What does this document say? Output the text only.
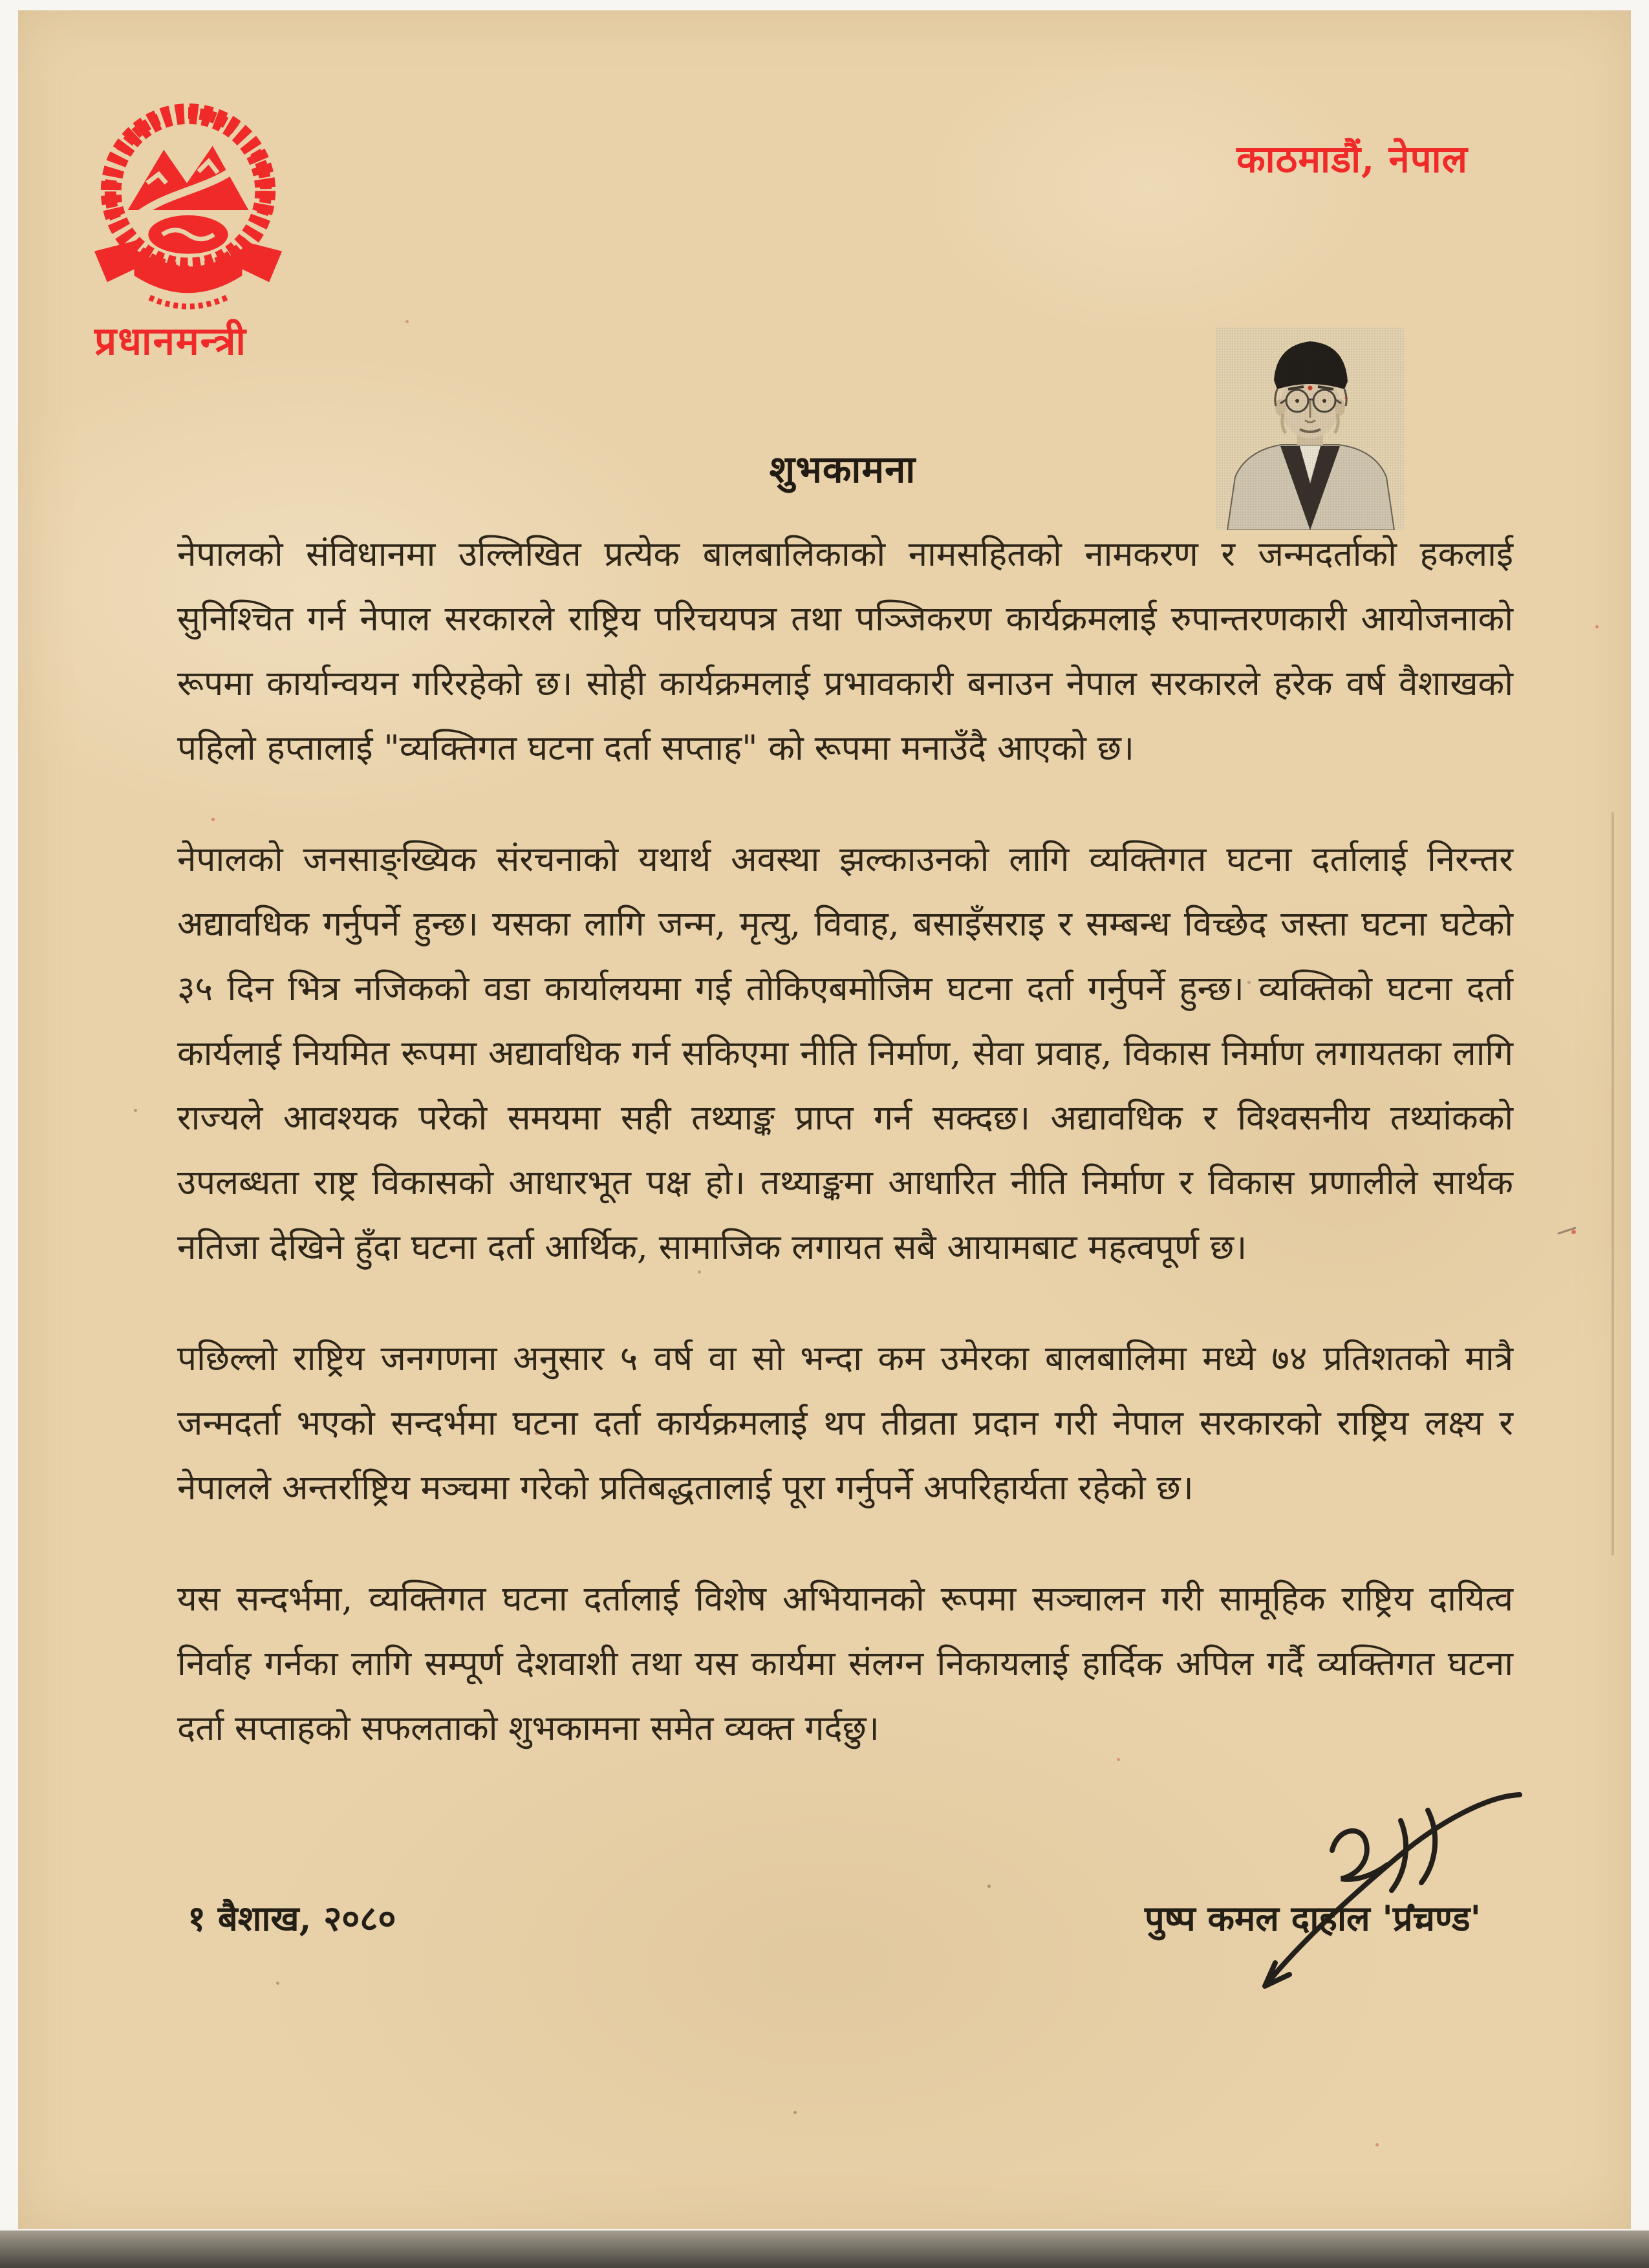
प्रधानमन्त्री
काठमाडौं, नेपाल
शुभकामना

नेपालको संविधानमा उल्लिखित प्रत्येक बालबालिकाको नामसहितको नामकरण र जन्मदर्ताको हकलाई सुनिश्चित गर्न नेपाल सरकारले राष्ट्रिय परिचयपत्र तथा पञ्जिकरण कार्यक्रमलाई रुपान्तरणकारी आयोजनाको रूपमा कार्यान्वयन गरिरहेको छ। सोही कार्यक्रमलाई प्रभावकारी बनाउन नेपाल सरकारले हरेक वर्ष वैशाखको पहिलो हप्तालाई "व्यक्तिगत घटना दर्ता सप्ताह" को रूपमा मनाउँदै आएको छ।

नेपालको जनसाङ्ख्यिक संरचनाको यथार्थ अवस्था झल्काउनको लागि व्यक्तिगत घटना दर्तालाई निरन्तर अद्यावधिक गर्नुपर्ने हुन्छ। यसका लागि जन्म, मृत्यु, विवाह, बसाइँसराइ र सम्बन्ध विच्छेद जस्ता घटना घटेको ३५ दिन भित्र नजिकको वडा कार्यालयमा गई तोकिएबमोजिम घटना दर्ता गर्नुपर्ने हुन्छ। व्यक्तिको घटना दर्ता कार्यलाई नियमित रूपमा अद्यावधिक गर्न सकिएमा नीति निर्माण, सेवा प्रवाह, विकास निर्माण लगायतका लागि राज्यले आवश्यक परेको समयमा सही तथ्याङ्क प्राप्त गर्न सक्दछ। अद्यावधिक र विश्वसनीय तथ्यांकको उपलब्धता राष्ट्र विकासको आधारभूत पक्ष हो। तथ्याङ्कमा आधारित नीति निर्माण र विकास प्रणालीले सार्थक नतिजा देखिने हुँदा घटना दर्ता आर्थिक, सामाजिक लगायत सबै आयामबाट महत्वपूर्ण छ।

पछिल्लो राष्ट्रिय जनगणना अनुसार ५ वर्ष वा सो भन्दा कम उमेरका बालबालिमा मध्ये ७४ प्रतिशतको मात्रै जन्मदर्ता भएको सन्दर्भमा घटना दर्ता कार्यक्रमलाई थप तीव्रता प्रदान गरी नेपाल सरकारको राष्ट्रिय लक्ष्य र नेपालले अन्तर्राष्ट्रिय मञ्चमा गरेको प्रतिबद्धतालाई पूरा गर्नुपर्ने अपरिहार्यता रहेको छ।

यस सन्दर्भमा, व्यक्तिगत घटना दर्तालाई विशेष अभियानको रूपमा सञ्चालन गरी सामूहिक राष्ट्रिय दायित्व निर्वाह गर्नका लागि सम्पूर्ण देशवाशी तथा यस कार्यमा संलग्न निकायलाई हार्दिक अपिल गर्दै व्यक्तिगत घटना दर्ता सप्ताहको सफलताको शुभकामना समेत व्यक्त गर्दछु।

१ बैशाख, २०८०	पुष्प कमल दाहाल 'प्रचण्ड'
